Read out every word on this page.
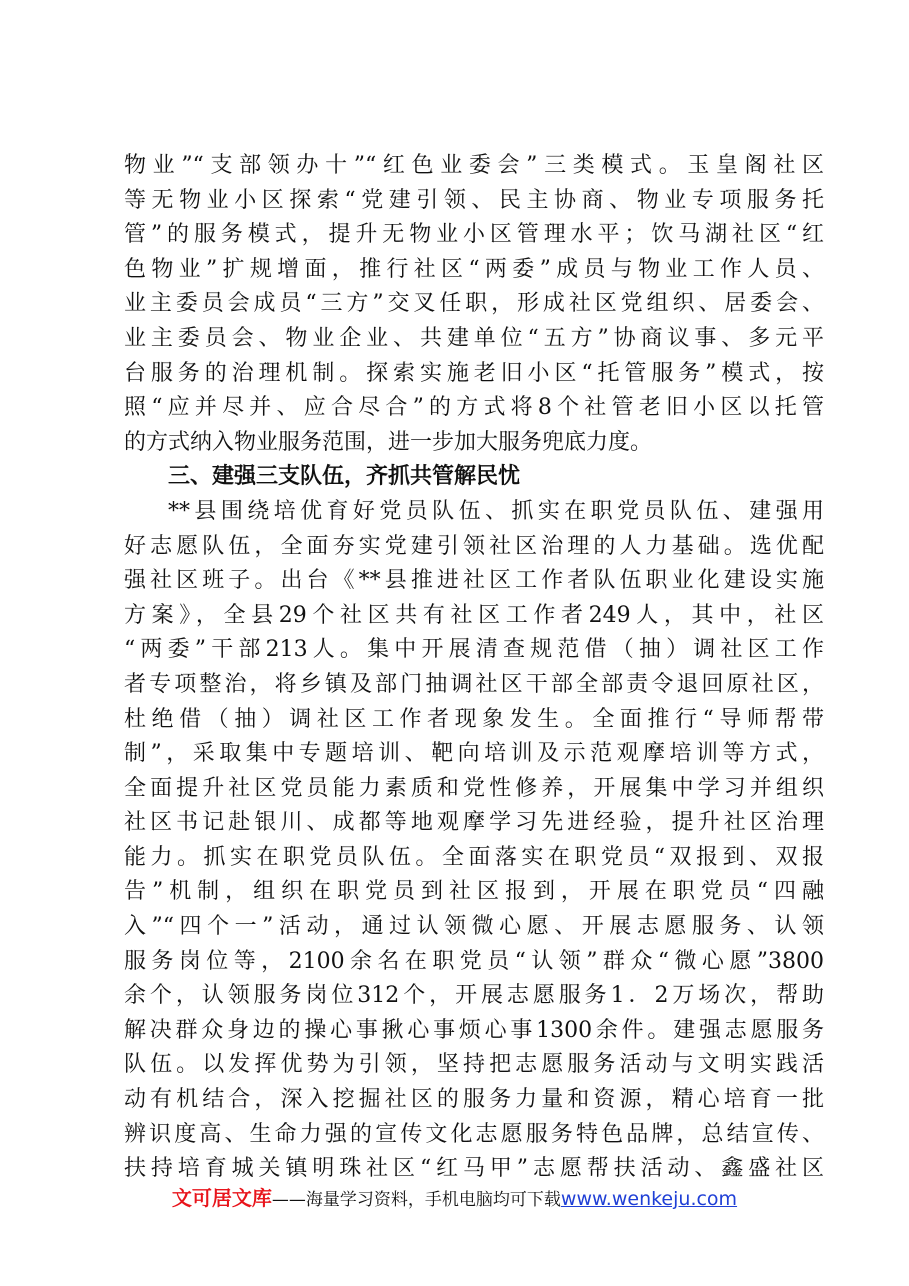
物业”“支部领办十”“红色业委会”三类模式。玉皇阁社区
等无物业小区探索“党建引领、民主协商、物业专项服务托
管”的服务模式，提升无物业小区管理水平；饮马湖社区“红
色物业”扩规增面，推行社区“两委”成员与物业工作人员、
业主委员会成员“三方”交叉任职，形成社区党组织、居委会、
业主委员会、物业企业、共建单位“五方”协商议事、多元平
台服务的治理机制。探索实施老旧小区“托管服务”模式，按
照“应并尽并、应合尽合”的方式将8个社管老旧小区以托管
的方式纳入物业服务范围，进一步加大服务兜底力度。
三、建强三支队伍，齐抓共管解民忧
**县围绕培优育好党员队伍、抓实在职党员队伍、建强用
好志愿队伍，全面夯实党建引领社区治理的人力基础。选优配
强社区班子。出台《**县推进社区工作者队伍职业化建设实施
方案》，全县29个社区共有社区工作者249人，其中，社区
“两委”干部213人。集中开展清查规范借（抽）调社区工作
者专项整治，将乡镇及部门抽调社区干部全部责令退回原社区，
杜绝借（抽）调社区工作者现象发生。全面推行“导师帮带
制”，采取集中专题培训、靶向培训及示范观摩培训等方式，
全面提升社区党员能力素质和党性修养，开展集中学习并组织
社区书记赴银川、成都等地观摩学习先进经验，提升社区治理
能力。抓实在职党员队伍。全面落实在职党员“双报到、双报
告”机制，组织在职党员到社区报到，开展在职党员“四融
入”“四个一”活动，通过认领微心愿、开展志愿服务、认领
服务岗位等，2100余名在职党员“认领”群众“微心愿”3800
余个，认领服务岗位312个，开展志愿服务1．2万场次，帮助
解决群众身边的操心事揪心事烦心事1300余件。建强志愿服务
队伍。以发挥优势为引领，坚持把志愿服务活动与文明实践活
动有机结合，深入挖掘社区的服务力量和资源，精心培育一批
辨识度高、生命力强的宣传文化志愿服务特色品牌，总结宣传、
扶持培育城关镇明珠社区“红马甲”志愿帮扶活动、鑫盛社区
文可居文库——海量学习资料，手机电脑均可下载www.wenkeju.com
